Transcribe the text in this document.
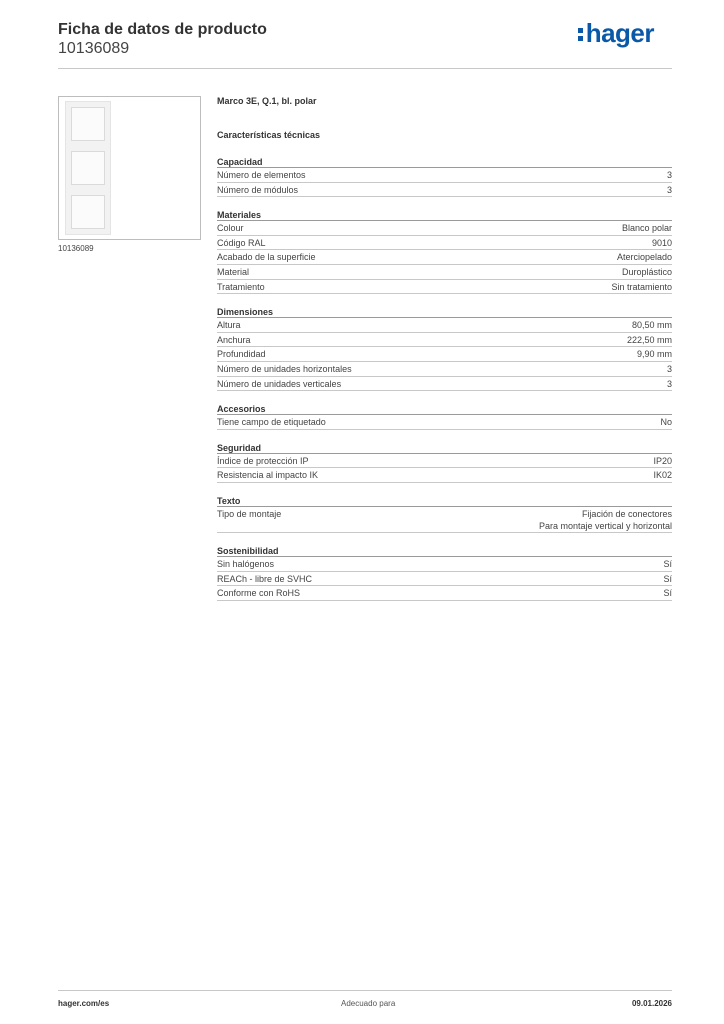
Ficha de datos de producto
10136089
hager
10136089
Marco 3E, Q.1, bl. polar
Características técnicas
Capacidad
Número de elementos	3
Número de módulos	3
Materiales
Colour	Blanco polar
Código RAL	9010
Acabado de la superficie	Aterciopelado
Material	Duroplástico
Tratamiento	Sin tratamiento
Dimensiones
Altura	80,50 mm
Anchura	222,50 mm
Profundidad	9,90 mm
Número de unidades horizontales	3
Número de unidades verticales	3
Accesorios
Tiene campo de etiquetado	No
Seguridad
Índice de protección IP	IP20
Resistencia al impacto IK	IK02
Texto
Tipo de montaje	Fijación de conectores
Para montaje vertical y horizontal
Sostenibilidad
Sin halógenos	Sí
REACh - libre de SVHC	Sí
Conforme con RoHS	Sí
hager.com/es	Adecuado para	09.01.2026
